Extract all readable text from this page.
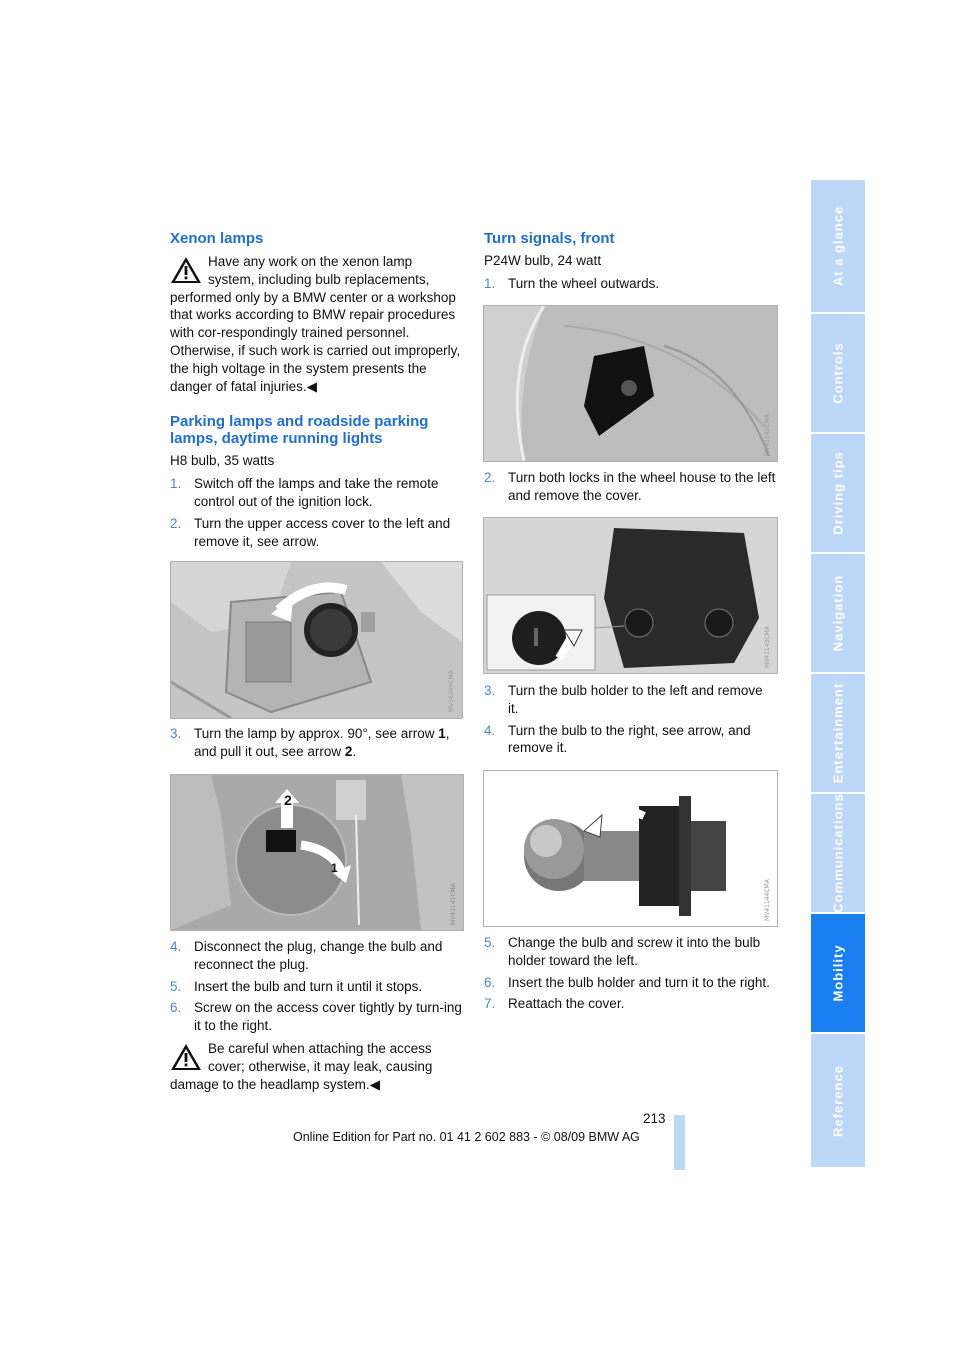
Xenon lamps

Have any work on the xenon lamp system, including bulb replacements, performed only by a BMW center or a workshop that works according to BMW repair procedures with cor-respondingly trained personnel. Otherwise, if such work is carried out improperly, the high voltage in the system presents the danger of fatal injuries.◀

Parking lamps and roadside parking
lamps, daytime running lights

H8 bulb, 35 watts

1. Switch off the lamps and take the remote control out of the ignition lock.
2. Turn the upper access cover to the left and remove it, see arrow.
MV26260CMA
3. Turn the lamp by approx. 90°, see arrow 1, and pull it out, see arrow 2.
2
1
MV41141CMA
4. Disconnect the plug, change the bulb and reconnect the plug.
5. Insert the bulb and turn it until it stops.
6. Screw on the access cover tightly by turn-ing it to the right.

Be careful when attaching the access cover; otherwise, it may leak, causing damage to the headlamp system.◀

Turn signals, front

P24W bulb, 24 watt

1. Turn the wheel outwards.
MV41142CMA
2. Turn both locks in the wheel house to the left and remove the cover.
MV41143CMA
3. Turn the bulb holder to the left and remove it.
4. Turn the bulb to the right, see arrow, and remove it.
MV41144CMA
5. Change the bulb and screw it into the bulb holder toward the left.
6. Insert the bulb holder and turn it to the right.
7. Reattach the cover.
At a glance
Controls
Driving tips
Navigation
Entertainment
Communications
Mobility
Reference
213
Online Edition for Part no. 01 41 2 602 883 - © 08/09 BMW AG
